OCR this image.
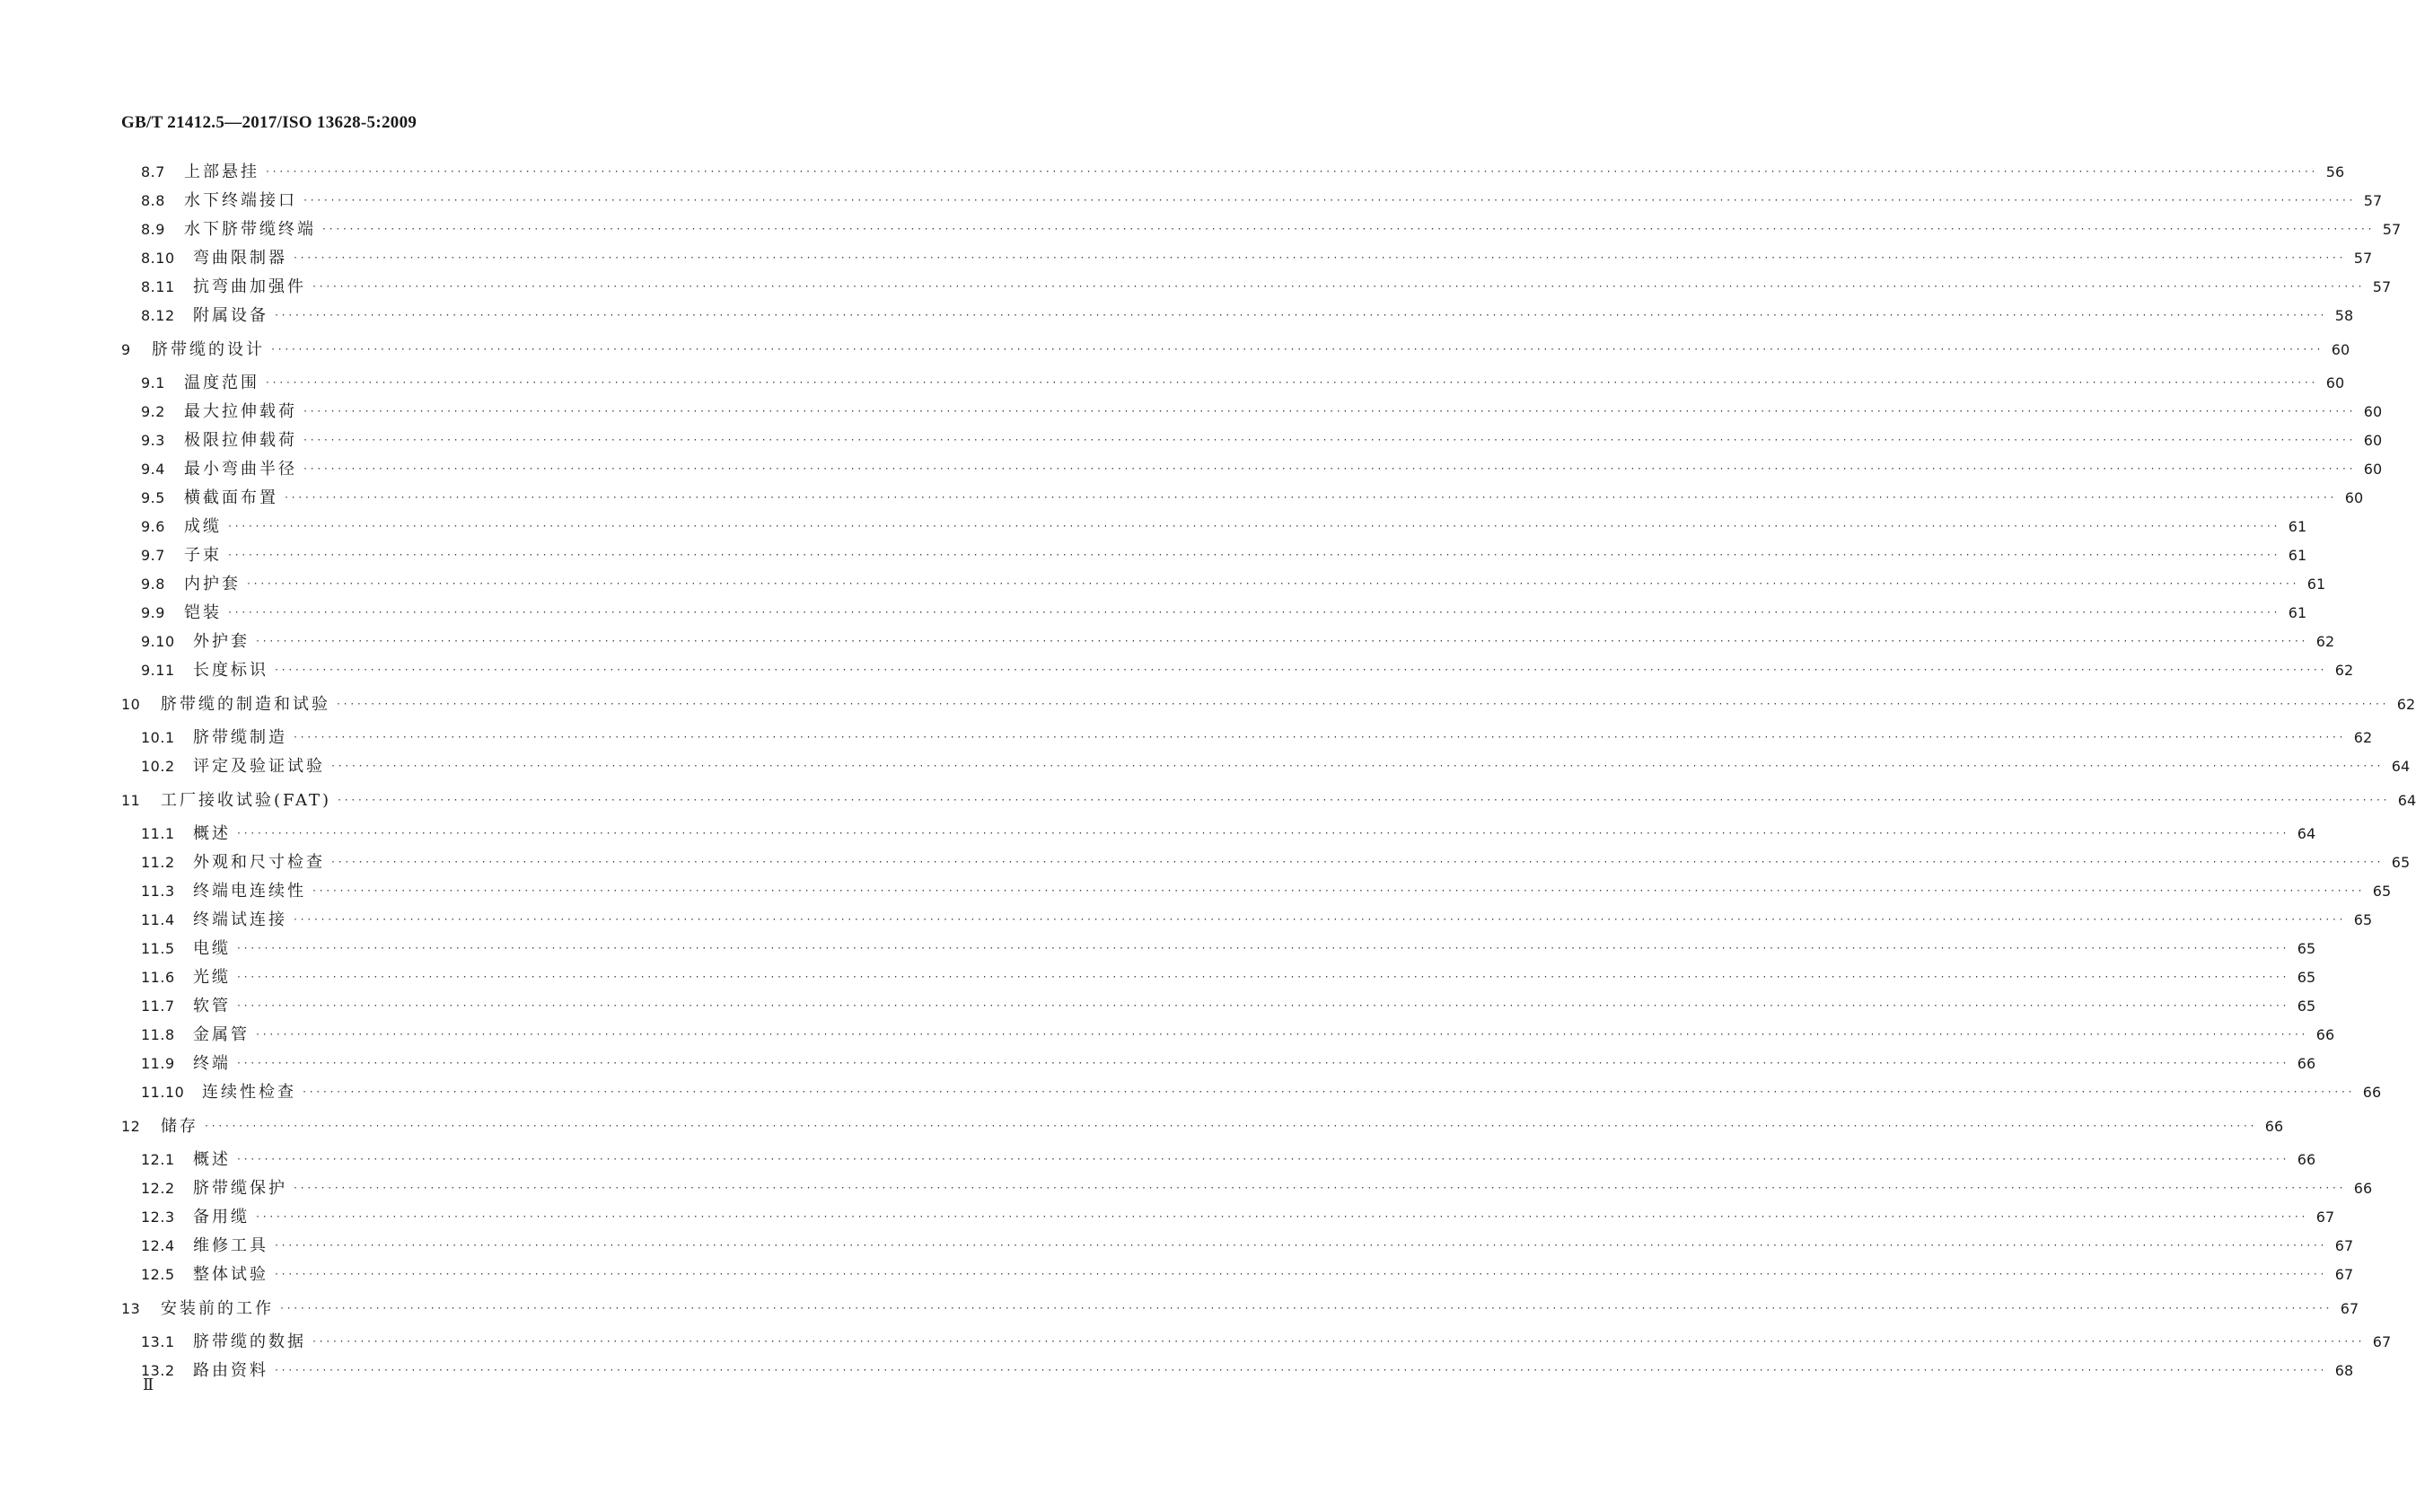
GB/T 21412.5—2017/ISO 13628-5:2009
8.7	上部悬挂 ············································································································································································································································································································ 56
8.8	水下终端接口 ············································································································································································································································································································ 57
8.9	水下脐带缆终端 ············································································································································································································································································································ 57
8.10	弯曲限制器 ············································································································································································································································································································ 57
8.11	抗弯曲加强件 ············································································································································································································································································································ 57
8.12	附属设备 ············································································································································································································································································································ 58
9	脐带缆的设计 ············································································································································································································································································································ 60
9.1	温度范围 ············································································································································································································································································································ 60
9.2	最大拉伸载荷 ············································································································································································································································································································ 60
9.3	极限拉伸载荷 ············································································································································································································································································································ 60
9.4	最小弯曲半径 ············································································································································································································································································································ 60
9.5	横截面布置 ············································································································································································································································································································ 60
9.6	成缆 ············································································································································································································································································································ 61
9.7	子束 ············································································································································································································································································································ 61
9.8	内护套 ············································································································································································································································································································ 61
9.9	铠装 ············································································································································································································································································································ 61
9.10	外护套 ············································································································································································································································································································ 62
9.11	长度标识 ············································································································································································································································································································ 62
10	脐带缆的制造和试验 ············································································································································································································································································································ 62
10.1	脐带缆制造 ············································································································································································································································································································ 62
10.2	评定及验证试验 ············································································································································································································································································································ 64
11	工厂接收试验(FAT) ············································································································································································································································································································ 64
11.1	概述 ············································································································································································································································································································ 64
11.2	外观和尺寸检查 ············································································································································································································································································································ 65
11.3	终端电连续性 ············································································································································································································································································································ 65
11.4	终端试连接 ············································································································································································································································································································ 65
11.5	电缆 ············································································································································································································································································································ 65
11.6	光缆 ············································································································································································································································································································ 65
11.7	软管 ············································································································································································································································································································ 65
11.8	金属管 ············································································································································································································································································································ 66
11.9	终端 ············································································································································································································································································································ 66
11.10	连续性检查 ············································································································································································································································································································ 66
12	储存 ············································································································································································································································································································ 66
12.1	概述 ············································································································································································································································································································ 66
12.2	脐带缆保护 ············································································································································································································································································································ 66
12.3	备用缆 ············································································································································································································································································································ 67
12.4	维修工具 ············································································································································································································································································································ 67
12.5	整体试验 ············································································································································································································································································································ 67
13	安装前的工作 ············································································································································································································································································································ 67
13.1	脐带缆的数据 ············································································································································································································································································································ 67
13.2	路由资料 ············································································································································································································································································································ 68
Ⅱ
